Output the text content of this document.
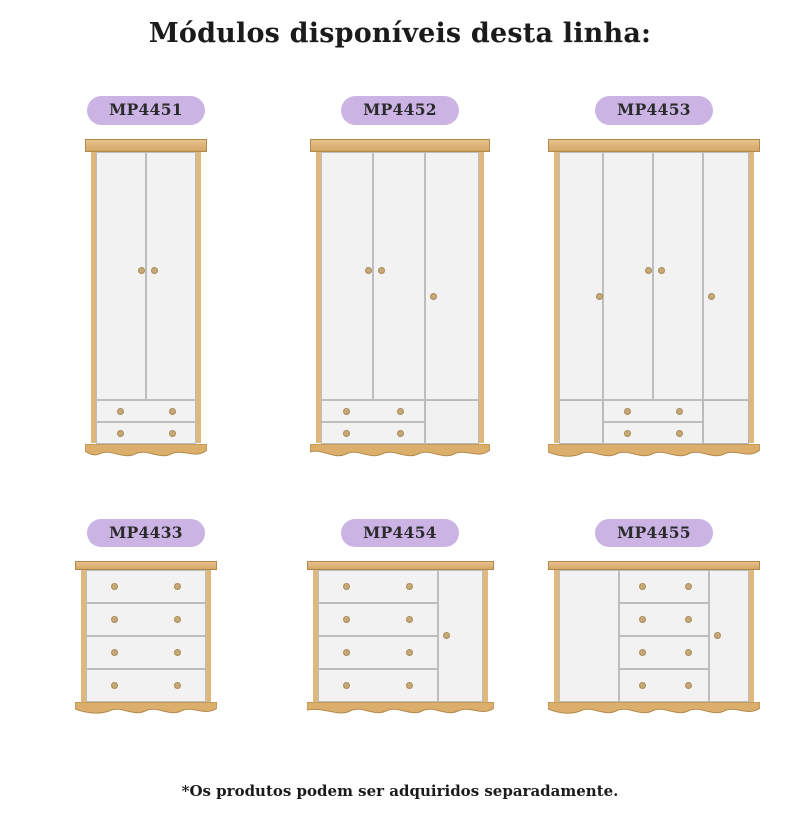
Módulos disponíveis desta linha:
MP4451	MP4452	MP4453
MP4433	MP4454	MP4455
*Os produtos podem ser adquiridos separadamente.
